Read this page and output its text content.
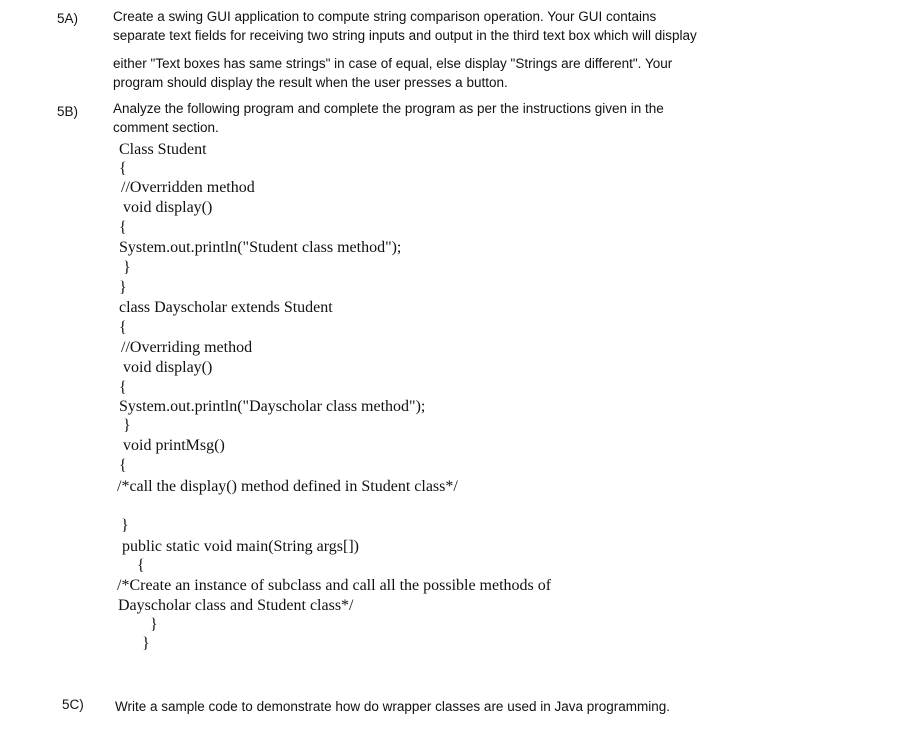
5A)	Create a swing GUI application to compute string comparison operation. Your GUI contains
separate text fields for receiving two string inputs and output in the third text box which will display
either "Text boxes has same strings" in case of equal, else display "Strings are different". Your
program should display the result when the user presses a button.
5B)	Analyze the following program and complete the program as per the instructions given in the
comment section.
Class Student
{
//Overridden method
void display()
{
System.out.println("Student class method");
}
}
class Dayscholar extends Student
{
//Overriding method
void display()
{
System.out.println("Dayscholar class method");
}
void printMsg()
{
/*call the display() method defined in Student class*/
}
public static void main(String args[])
{
/*Create an instance of subclass and call all the possible methods of
Dayscholar class and Student class*/
}
}
5C) Write a sample code to demonstrate how do wrapper classes are used in Java programming.
